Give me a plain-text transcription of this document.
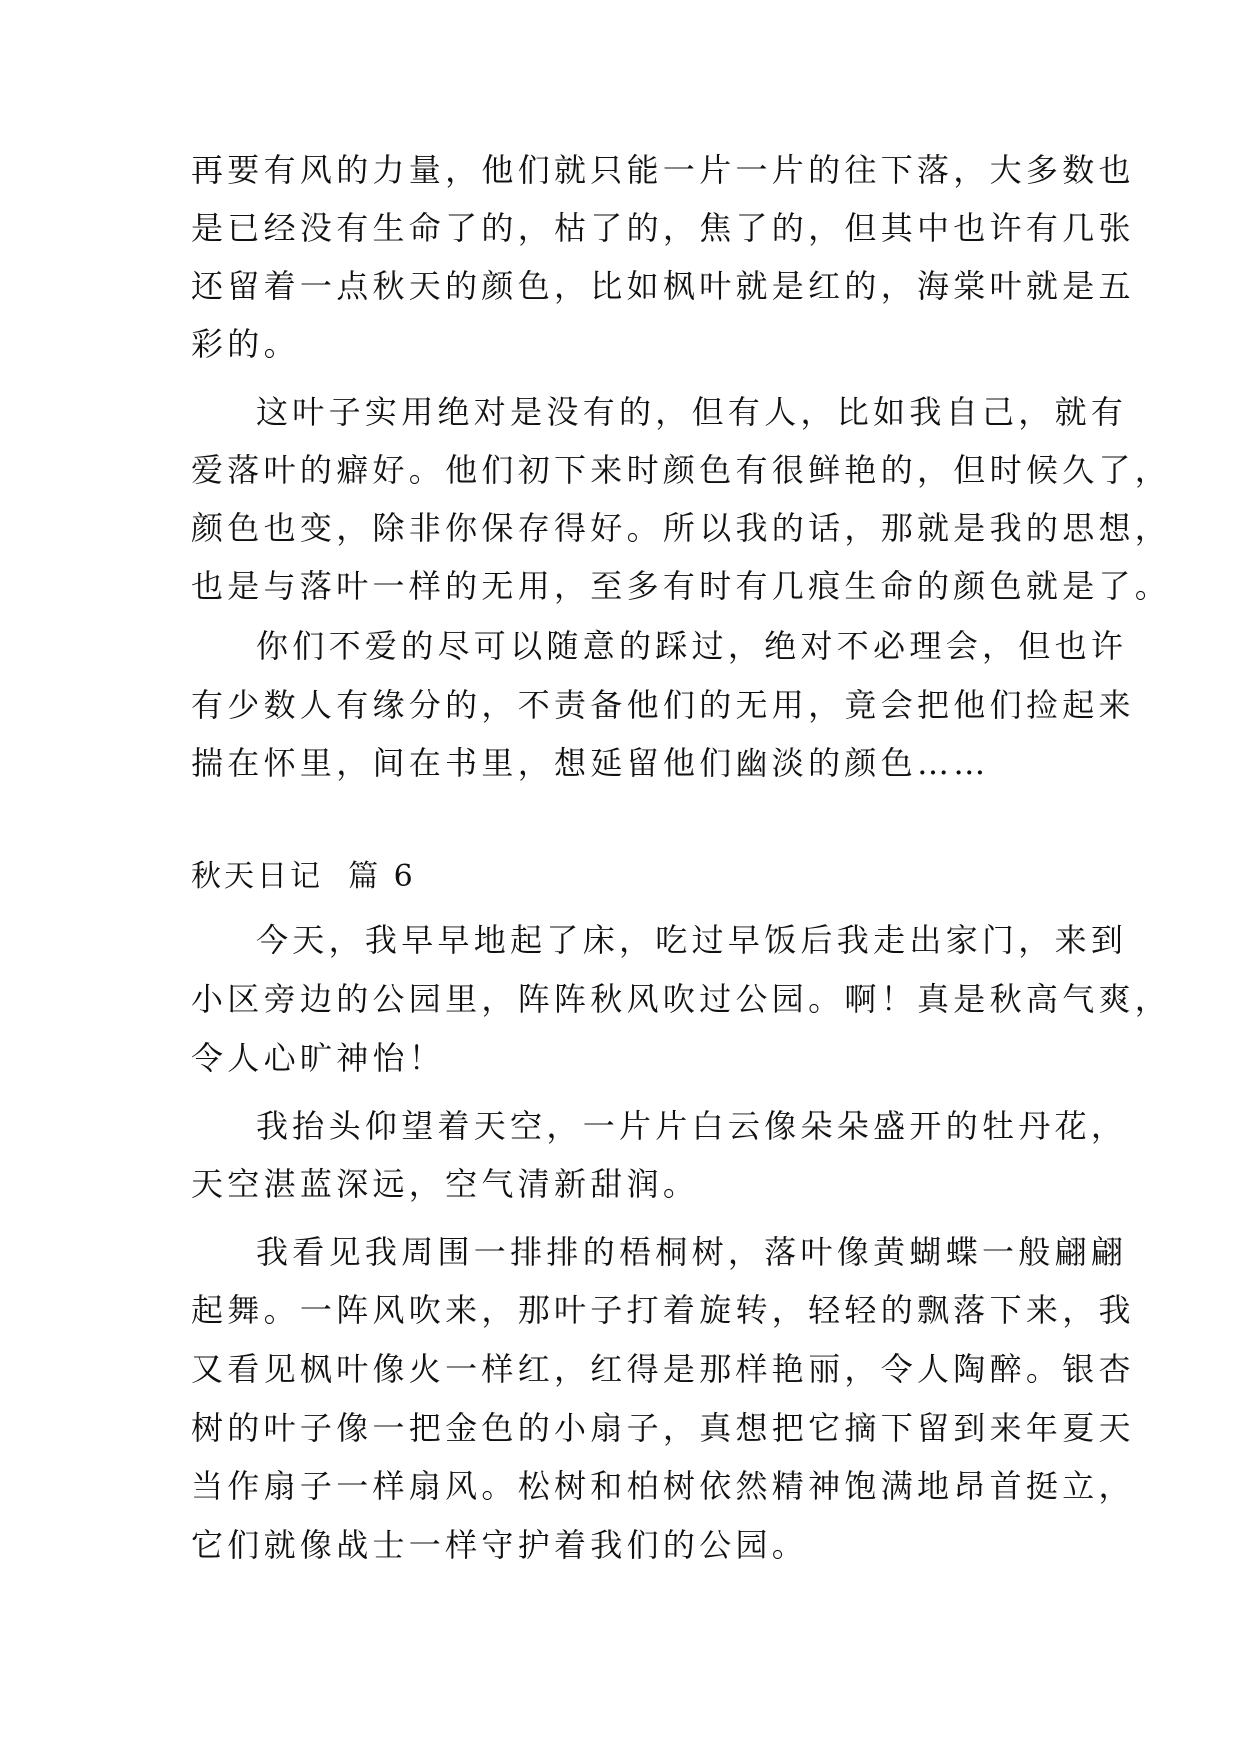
再要有风的力量，他们就只能一片一片的往下落，大多数也
是已经没有生命了的，枯了的，焦了的，但其中也许有几张
还留着一点秋天的颜色，比如枫叶就是红的，海棠叶就是五
彩的。
这叶子实用绝对是没有的，但有人，比如我自己，就有
爱落叶的癖好。他们初下来时颜色有很鲜艳的，但时候久了，
颜色也变，除非你保存得好。所以我的话，那就是我的思想，
也是与落叶一样的无用，至多有时有几痕生命的颜色就是了。
你们不爱的尽可以随意的踩过，绝对不必理会，但也许
有少数人有缘分的，不责备他们的无用，竟会把他们捡起来
揣在怀里，间在书里，想延留他们幽淡的颜色……
秋天日记  篇 6
今天，我早早地起了床，吃过早饭后我走出家门，来到
小区旁边的公园里，阵阵秋风吹过公园。啊！真是秋高气爽，
令人心旷神怡！
我抬头仰望着天空，一片片白云像朵朵盛开的牡丹花，
天空湛蓝深远，空气清新甜润。
我看见我周围一排排的梧桐树，落叶像黄蝴蝶一般翩翩
起舞。一阵风吹来，那叶子打着旋转，轻轻的飘落下来，我
又看见枫叶像火一样红，红得是那样艳丽，令人陶醉。银杏
树的叶子像一把金色的小扇子，真想把它摘下留到来年夏天
当作扇子一样扇风。松树和柏树依然精神饱满地昂首挺立，
它们就像战士一样守护着我们的公园。
